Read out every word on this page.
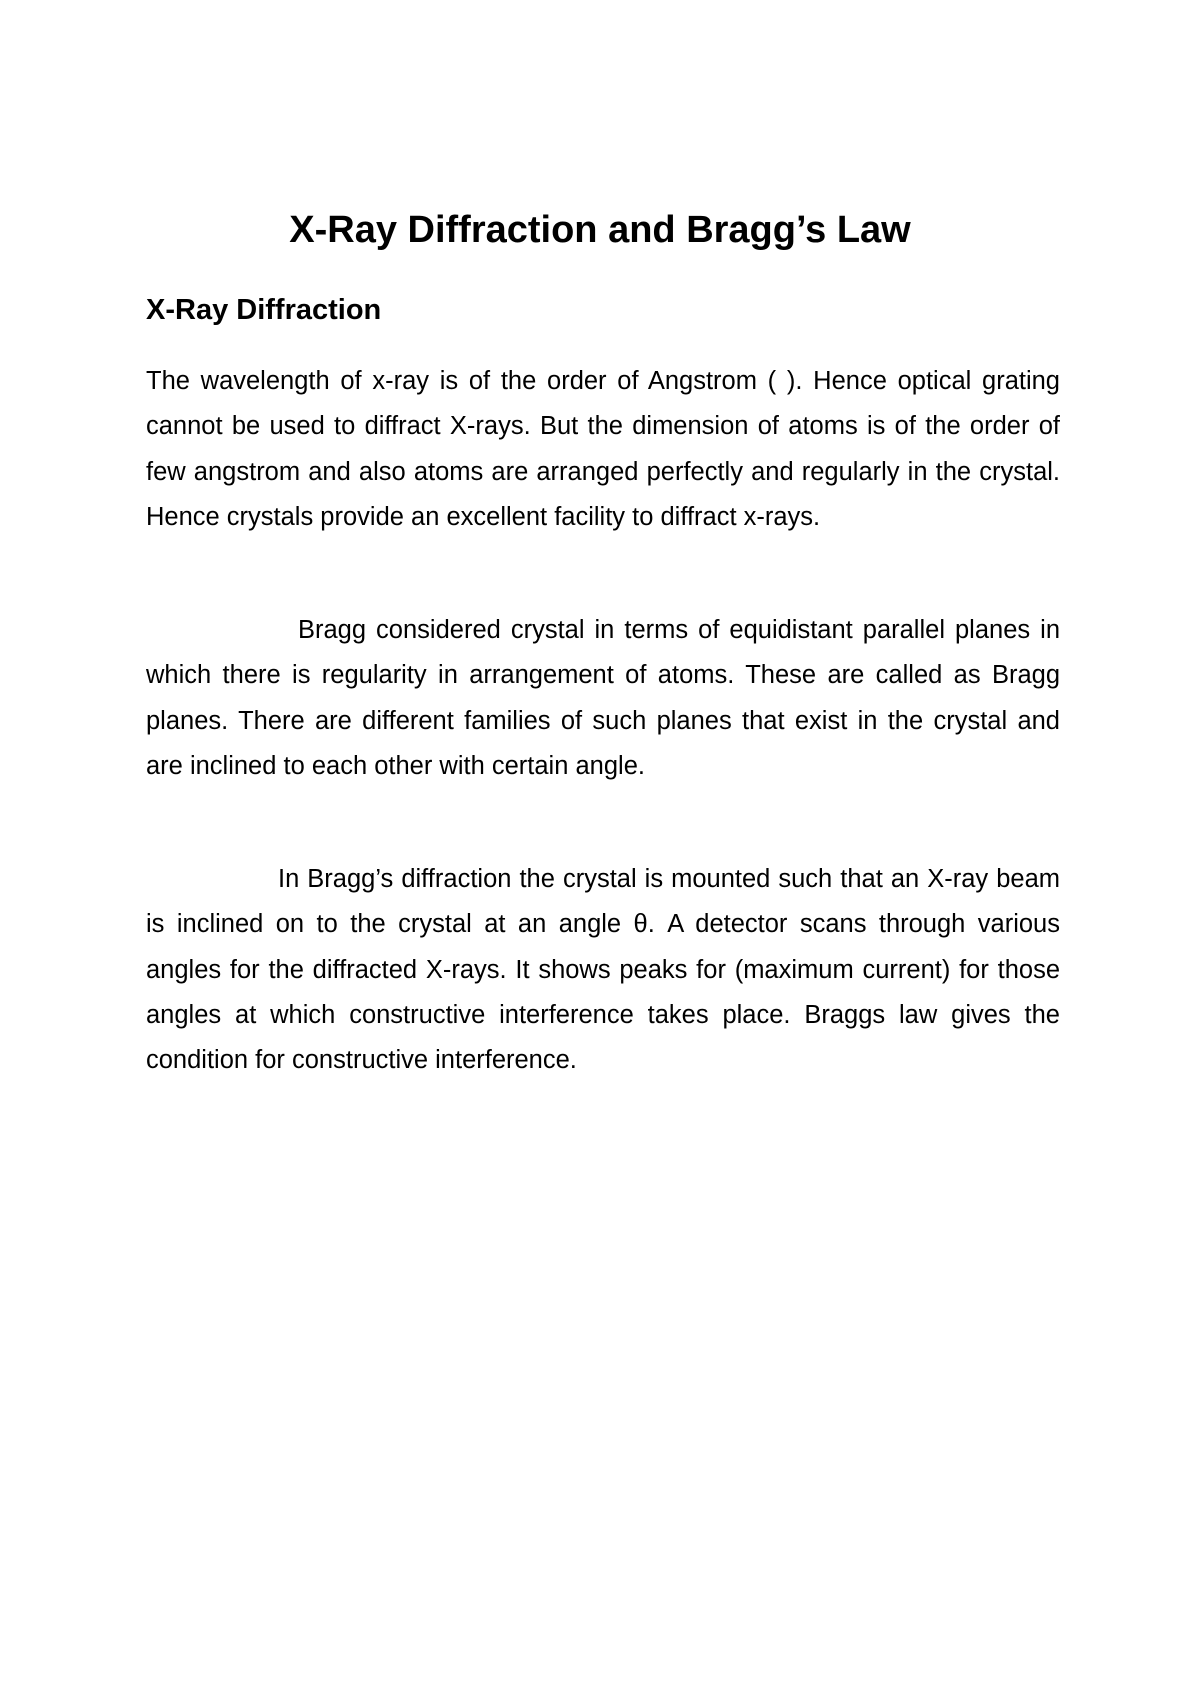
X-Ray Diffraction and Bragg’s Law
X-Ray Diffraction

The wavelength of x-ray is of the order of Angstrom ( ). Hence optical grating cannot be used to diffract X-rays. But the dimension of atoms is of the order of few angstrom and also atoms are arranged perfectly and regularly in the crystal. Hence crystals provide an excellent facility to diffract x-rays.

Bragg considered crystal in terms of equidistant parallel planes in which there is regularity in arrangement of atoms. These are called as Bragg planes. There are different families of such planes that exist in the crystal and are inclined to each other with certain angle.

In Bragg’s diffraction the crystal is mounted such that an X-ray beam is inclined on to the crystal at an angle θ. A detector scans through various angles for the diffracted X-rays. It shows peaks for (maximum current) for those angles at which constructive interference takes place. Braggs law gives the condition for constructive interference.
